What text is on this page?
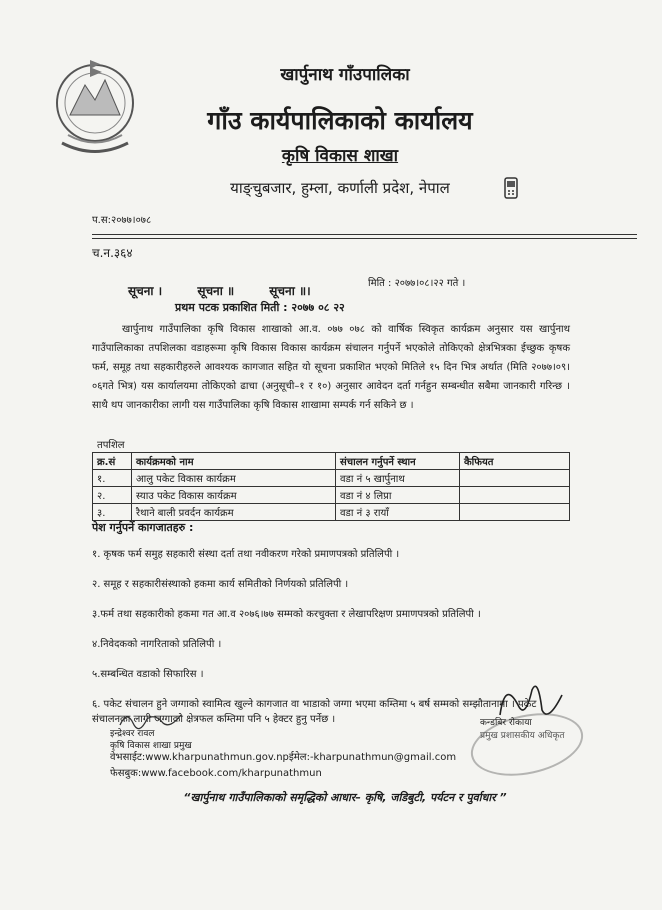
खार्पुनाथ गाँउपालिका
गाँउ कार्यपालिकाको कार्यालय
कृषि विकास शाखा
याङ्चुबजार, हुम्ला, कर्णाली प्रदेश, नेपाल
प.स:२०७७।०७८
च.न.३६४
सूचना ।	सूचना ॥	सूचना ॥।
मिति : २०७७।०८।२२ गते ।
प्रथम पटक प्रकाशित मिती : २०७७ ०८ २२
खार्पुनाथ गाउँपालिका कृषि विकास शाखाको आ.व. ०७७ ०७८ को वार्षिक स्विकृत कार्यक्रम अनुसार यस खार्पुनाथ गाउँपालिकाका तपशिलका वडाहरूमा कृषि विकास विकास कार्यक्रम संचालन गर्नुपर्ने भएकोले तोकिएको क्षेत्रभित्रका ईच्छुक कृषक फर्म, समूह तथा सहकारीहरुले आवश्यक कागजात सहित यो सूचना प्रकाशित भएको मितिले १५ दिन भित्र अर्थात (मिति २०७७।०९।०६गते भित्र) यस कार्यालयमा तोकिएको ढाचा (अनुसूची–१ र १०) अनुसार आवेदन दर्ता गर्नहुन सम्बन्धीत सबैमा जानकारी गरिन्छ । साथै थप जानकारीका लागी यस गाउँपालिका कृषि विकास शाखामा सम्पर्क गर्न सकिने छ ।
तपशिल
क्र.सं	कार्यक्रमको नाम	संचालन गर्नुपर्ने स्थान	कैफियत
१.	आलु पकेट विकास कार्यक्रम	वडा नं ५ खार्पुनाथ	
२.	स्याउ पकेट विकास कार्यक्रम	वडा नं ४ लिप्रा	
३.	रैथाने बाली प्रवर्दन कार्यक्रम	वडा नं ३ रायाँ	
पेश गर्नुपर्ने कागजातहरु :
१. कृषक फर्म समुह सहकारी संस्था दर्ता तथा नवीकरण गरेको प्रमाणपत्रको प्रतिलिपी ।
२. समूह र सहकारीसंस्थाको हकमा कार्य समितीको निर्णयको प्रतिलिपी ।
३.फर्म तथा सहकारीको हकमा गत आ.व २०७६।७७ सम्मको करचुक्ता र लेखापरिक्षण प्रमाणपत्रको प्रतिलिपी ।
४.निवेदकको नागरिताको प्रतिलिपी ।
५.सम्बन्धित वडाको सिफारिस ।
६. पकेट संचालन हुने जग्गाको स्वामित्व खुल्ने कागजात वा भाडाको जग्गा भएमा कम्तिमा ५ बर्ष सम्मको सम्झौतानामा । पकेट संचालनका लागी जग्गाको क्षेत्रफल कम्तिमा पनि ५ हेक्टर हुनु पर्नेछ ।
इन्द्रेश्वर रावल
कृषि विकास शाखा प्रमुख
कन्डबिर रोकाया
प्रमुख प्रशासकीय अधिकृत
वेभसाईट:www.kharpunathmun.gov.npईमेल:-kharpunathmun@gmail.com
फेसबुक:www.facebook.com/kharpunathmun
“खार्पुनाथ गाउँपालिकाको समृद्धिको आधार– कृषि, जडिबुटी, पर्यटन र पुर्वाधार ”
